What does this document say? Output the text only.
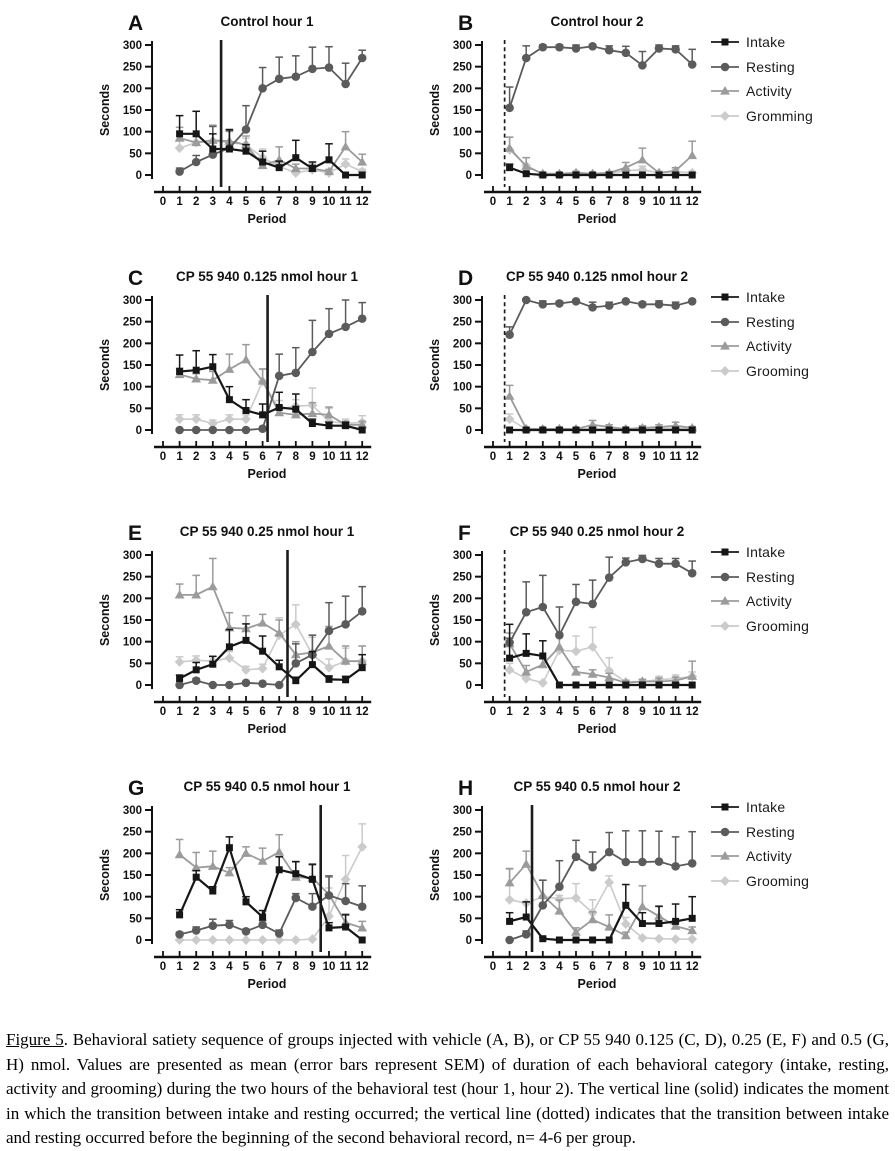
A	Control hour 1
0
50
100
150
200
250
300
Seconds
0 1 2 3 4 5 6 7 8 9 10 11 12
Period
B	Control hour 2
0
50
100
150
200
250
300
Seconds
0 1 2 3 4 5 6 7 8 9 10 11 12
Period
Intake
Resting
Activity
Gromming
C CP 55 940 0.125 nmol hour 1
0
50
100
150
200
250
300
Seconds
0 1 2 3 4 5 6 7 8 9 10 11 12
Period
D CP 55 940 0.125 nmol hour 2
0
50
100
150
200
250
300
Seconds
0 1 2 3 4 5 6 7 8 9 10 11 12
Period
Intake
Resting
Activity
Grooming
E	CP 55 940 0.25 nmol hour 1
0
50
100
150
200
250
300
Seconds
0 1 2 3 4 5 6 7 8 9 10 11 12
Period
F	CP 55 940 0.25 nmol hour 2
0
50
100
150
200
250
300
Seconds
0 1 2 3 4 5 6 7 8 9 10 11 12
Period
Intake
Resting
Activity
Grooming
G	CP 55 940 0.5 nmol hour 1
0
50
100
150
200
250
300
Seconds
0 1 2 3 4 5 6 7 8 9 10 11 12
Period
H	CP 55 940 0.5 nmol hour 2
0
50
100
150
200
250
300
Seconds
0 1 2 3 4 5 6 7 8 9 10 11 12
Period
Intake
Resting
Activity
Grooming

Figure 5. Behavioral satiety sequence of groups injected with vehicle (A, B), or CP 55 940 0.125 (C, D), 0.25 (E, F) and 0.5 (G, H) nmol. Values are presented as mean (error bars represent SEM) of duration of each behavioral category (intake, resting, activity and grooming) during the two hours of the behavioral test (hour 1, hour 2). The vertical line (solid) indicates the moment in which the transition between intake and resting occurred; the vertical line (dotted) indicates that the transition between intake and resting occurred before the beginning of the second behavioral record, n= 4-6 per group.
